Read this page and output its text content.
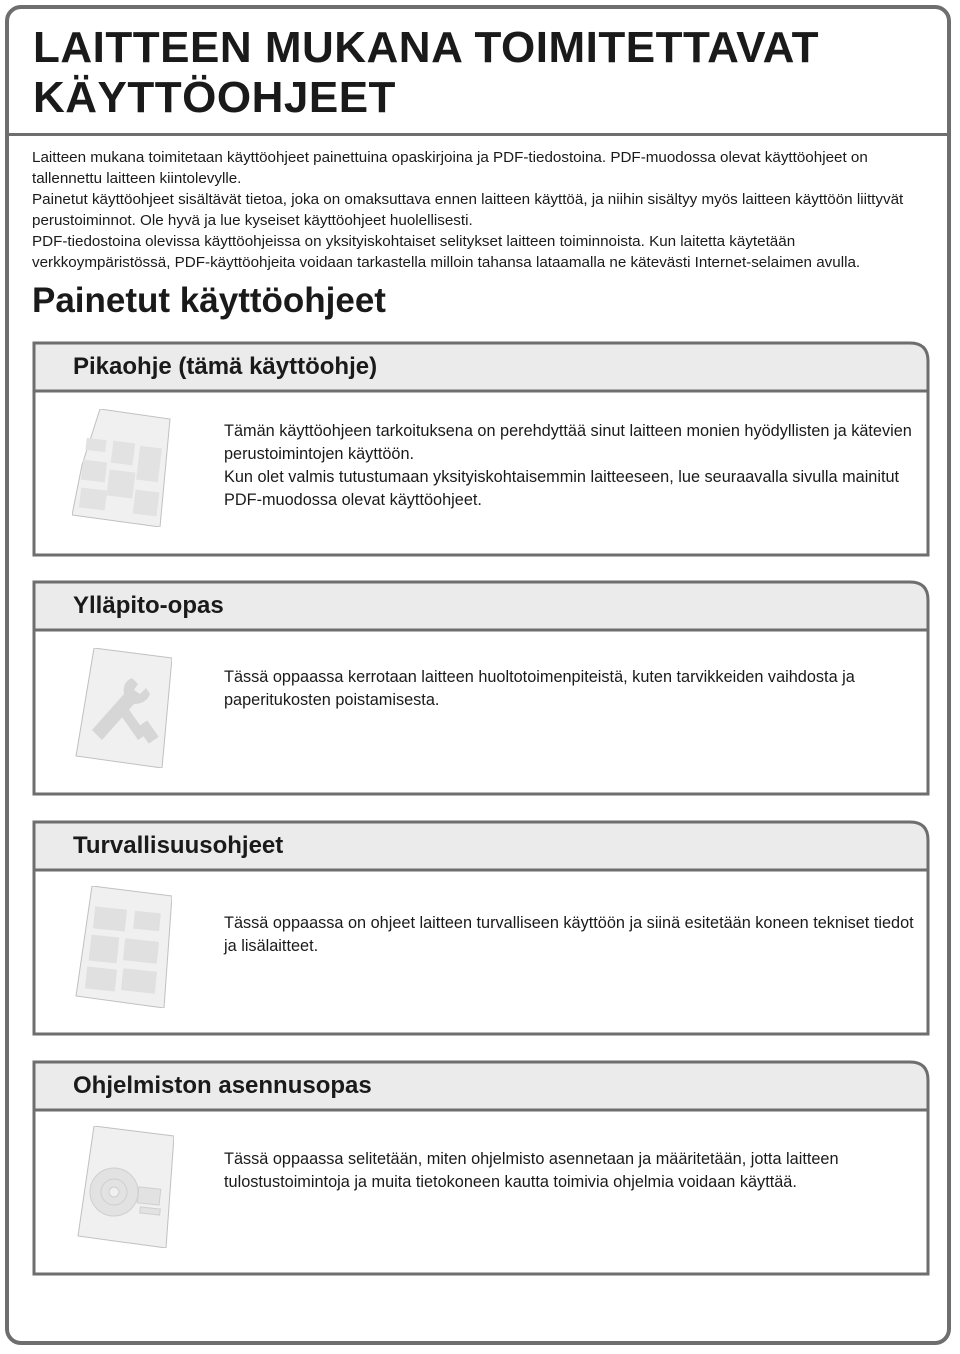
LAITTEEN MUKANA TOIMITETTAVAT
KÄYTTÖOHJEET

Laitteen mukana toimitetaan käyttöohjeet painettuina opaskirjoina ja PDF-tiedostoina. PDF-muodossa olevat käyttöohjeet on tallennettu laitteen kiintolevylle.

Painetut käyttöohjeet sisältävät tietoa, joka on omaksuttava ennen laitteen käyttöä, ja niihin sisältyy myös laitteen käyttöön liittyvät perustoiminnot. Ole hyvä ja lue kyseiset käyttöohjeet huolellisesti.

PDF-tiedostoina olevissa käyttöohjeissa on yksityiskohtaiset selitykset laitteen toiminnoista. Kun laitetta käytetään verkkoympäristössä, PDF-käyttöohjeita voidaan tarkastella milloin tahansa lataamalla ne kätevästi Internet-selaimen avulla.

Painetut käyttöohjeet
Pikaohje (tämä käyttöohje)

Tämän käyttöohjeen tarkoituksena on perehdyttää sinut laitteen monien hyödyllisten ja kätevien perustoimintojen käyttöön.

Kun olet valmis tutustumaan yksityiskohtaisemmin laitteeseen, lue seuraavalla sivulla mainitut PDF-muodossa olevat käyttöohjeet.

Ylläpito-opas

Tässä oppaassa kerrotaan laitteen huoltotoimenpiteistä, kuten tarvikkeiden vaihdosta ja paperitukosten poistamisesta.

Turvallisuusohjeet

Tässä oppaassa on ohjeet laitteen turvalliseen käyttöön ja siinä esitetään koneen tekniset tiedot ja lisälaitteet.

Ohjelmiston asennusopas

Tässä oppaassa selitetään, miten ohjelmisto asennetaan ja määritetään, jotta laitteen tulostustoimintoja ja muita tietokoneen kautta toimivia ohjelmia voidaan käyttää.
